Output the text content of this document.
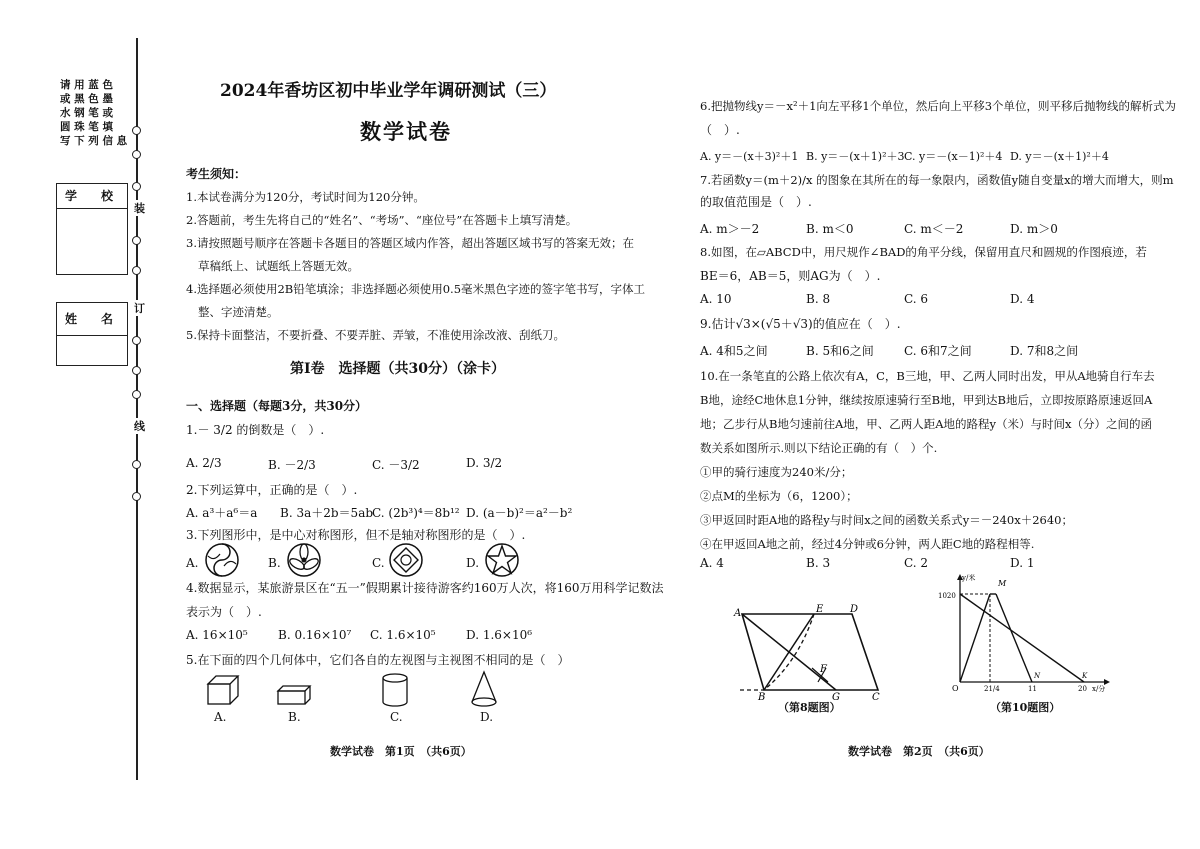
请 用 蓝 色
或 黑 色 墨
水 钢 笔 或
圆 珠 笔 填
写 下 列 信 息
学　　校
姓　　名
装
订
线
2024年香坊区初中毕业学年调研测试（三）
数学试卷
考生须知：
1.本试卷满分为120分，考试时间为120分钟。
2.答题前，考生先将自己的“姓名”、“考场”、“座位号”在答题卡上填写清楚。
3.请按照题号顺序在答题卡各题目的答题区域内作答，超出答题区域书写的答案无效；在
草稿纸上、试题纸上答题无效。
4.选择题必须使用2B铅笔填涂；非选择题必须使用0.5毫米黑色字迹的签字笔书写，字体工
整、字迹清楚。
5.保持卡面整洁，不要折叠、不要弄脏、弄皱，不准使用涂改液、刮纸刀。
第Ⅰ卷　选择题（共30分）（涂卡）
一、选择题（每题3分，共30分）
1.－ 3/2 的倒数是（　）.
A. 2/3	B. －2/3	C. －3/2	D. 3/2
2.下列运算中，正确的是（　）.
A. a³＋a⁶＝a B. 3a＋2b＝5ab
C. (2b³)⁴＝8b¹² D. (a－b)²＝a²－b²
3.下列图形中，是中心对称图形，但不是轴对称图形的是（　）.
A.	B.	C.	D.
4.数据显示，某旅游景区在“五一”假期累计接待游客约160万人次，将160万用科学记数法
表示为（　）.
A. 16×10⁵	B. 0.16×10⁷ C. 1.6×10⁵	D. 1.6×10⁶
5.在下面的四个几何体中，它们各自的左视图与主视图不相同的是（　）
A.	B.	C.	D.
数学试卷　第1页　（共6页）
6.把抛物线y＝－x²＋1向左平移1个单位，然后向上平移3个单位，则平移后抛物线的解析式为
（　）.
A. y＝－(x＋3)²＋1 B. y＝－(x＋1)²＋3 C. y＝－(x－1)²＋4 D. y＝－(x＋1)²＋4
7.若函数y＝(m＋2)/x 的图象在其所在的每一象限内，函数值y随自变量x的增大而增大，则m
的取值范围是（　）.
A. m＞－2	B. m＜0	C. m＜－2	D. m＞0
8.如图，在▱ABCD中，用尺规作∠BAD的角平分线，保留用直尺和圆规的作图痕迹，若
BE＝6，AB＝5，则AG为（　）.
A. 10	B. 8	C. 6	D. 4
9.估计√3×(√5＋√3)的值应在（　）.
A. 4和5之间	B. 5和6之间	C. 6和7之间	D. 7和8之间
10.在一条笔直的公路上依次有A，C，B三地，甲、乙两人同时出发，甲从A地骑自行车去
B地，途经C地休息1分钟，继续按原速骑行至B地，甲到达B地后，立即按原路原速返回A
地；乙步行从B地匀速前往A地，甲、乙两人距A地的路程y（米）与时间x（分）之间的函
数关系如图所示.则以下结论正确的有（　）个.
①甲的骑行速度为240米/分；
②点M的坐标为（6，1200）；
③甲返回时距A地的路程y与时间x之间的函数关系式y＝－240x＋2640；
④在甲返回A地之前，经过4分钟或6分钟，两人距C地的路程相等.
A. 4	B. 3	C. 2	D. 1
A	E	D
F
B	G	C
（第8题图）
y/米
M
1020
O	21/4	11
N	K
20 x/分
（第10题图）
数学试卷　第2页　（共6页）
